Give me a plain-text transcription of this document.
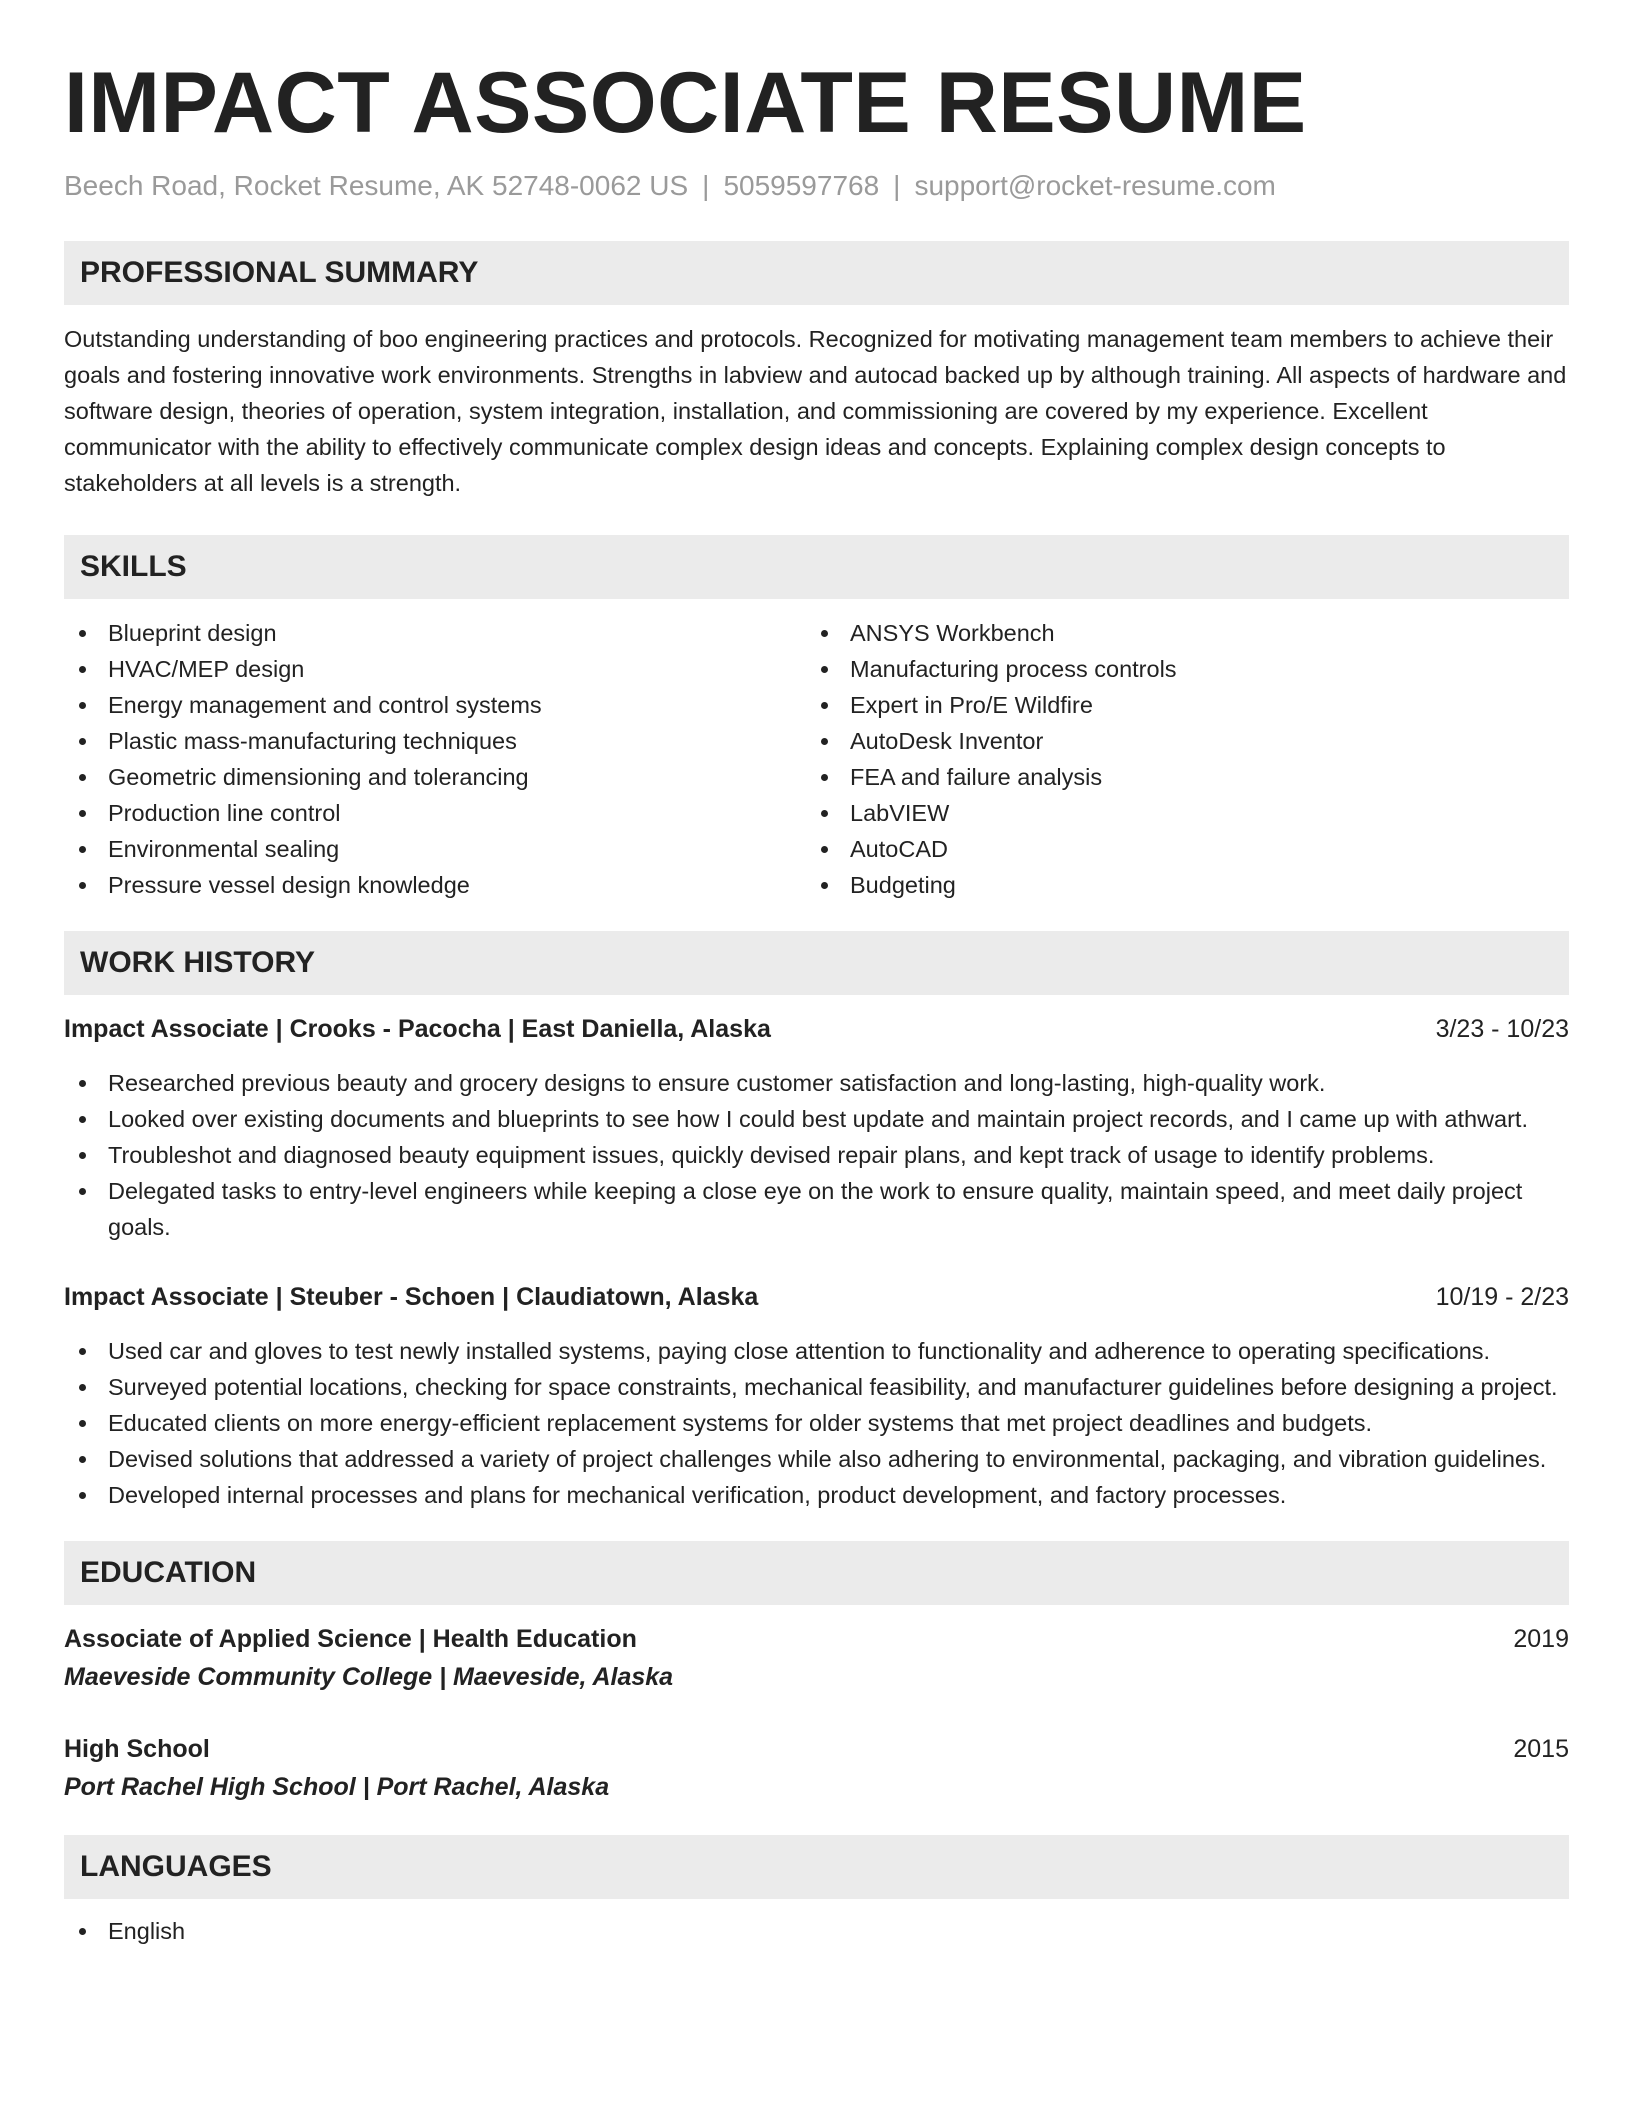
IMPACT ASSOCIATE RESUME
Beech Road, Rocket Resume, AK 52748-0062 US | 5059597768 | support@rocket-resume.com
PROFESSIONAL SUMMARY
Outstanding understanding of boo engineering practices and protocols. Recognized for motivating management team members to achieve their goals and fostering innovative work environments. Strengths in labview and autocad backed up by although training. All aspects of hardware and software design, theories of operation, system integration, installation, and commissioning are covered by my experience. Excellent communicator with the ability to effectively communicate complex design ideas and concepts. Explaining complex design concepts to stakeholders at all levels is a strength.
SKILLS
Blueprint design
HVAC/MEP design
Energy management and control systems
Plastic mass-manufacturing techniques
Geometric dimensioning and tolerancing
Production line control
Environmental sealing
Pressure vessel design knowledge
ANSYS Workbench
Manufacturing process controls
Expert in Pro/E Wildfire
AutoDesk Inventor
FEA and failure analysis
LabVIEW
AutoCAD
Budgeting
WORK HISTORY
Impact Associate | Crooks - Pacocha | East Daniella, Alaska	3/23 - 10/23
Researched previous beauty and grocery designs to ensure customer satisfaction and long-lasting, high-quality work.
Looked over existing documents and blueprints to see how I could best update and maintain project records, and I came up with athwart.
Troubleshot and diagnosed beauty equipment issues, quickly devised repair plans, and kept track of usage to identify problems.
Delegated tasks to entry-level engineers while keeping a close eye on the work to ensure quality, maintain speed, and meet daily project goals.
Impact Associate | Steuber - Schoen | Claudiatown, Alaska	10/19 - 2/23
Used car and gloves to test newly installed systems, paying close attention to functionality and adherence to operating specifications.
Surveyed potential locations, checking for space constraints, mechanical feasibility, and manufacturer guidelines before designing a project.
Educated clients on more energy-efficient replacement systems for older systems that met project deadlines and budgets.
Devised solutions that addressed a variety of project challenges while also adhering to environmental, packaging, and vibration guidelines.
Developed internal processes and plans for mechanical verification, product development, and factory processes.
EDUCATION
Associate of Applied Science | Health Education	2019
Maeveside Community College | Maeveside, Alaska
High School	2015
Port Rachel High School | Port Rachel, Alaska
LANGUAGES
English
